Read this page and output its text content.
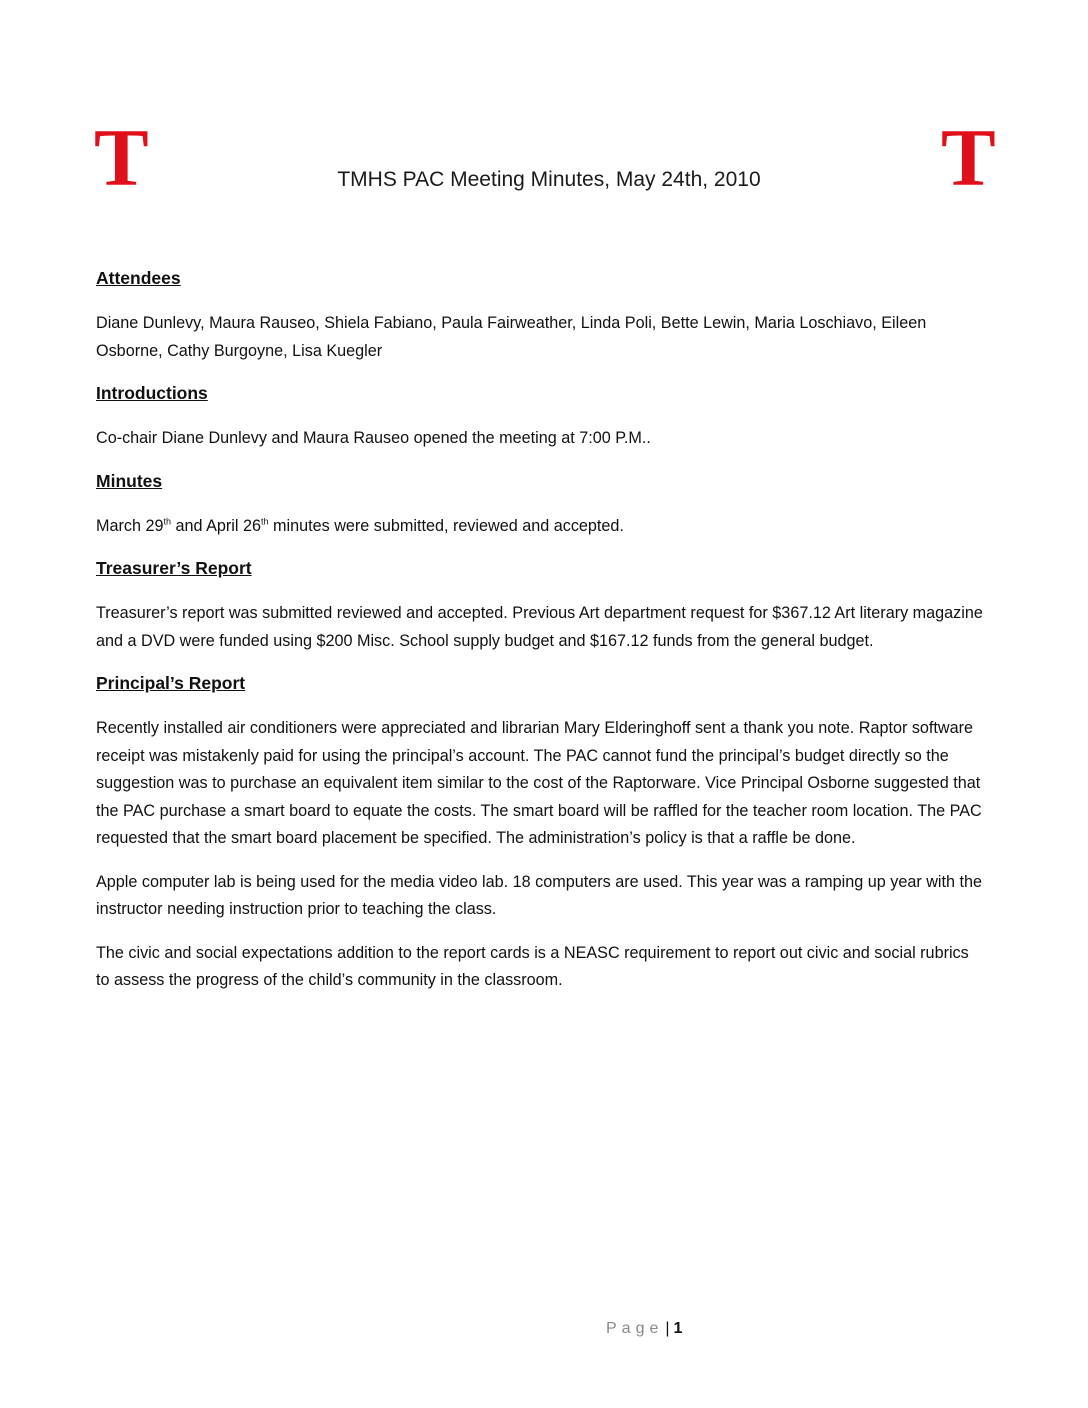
T	T
TMHS PAC Meeting Minutes, May 24th, 2010
Attendees
Diane Dunlevy, Maura Rauseo, Shiela Fabiano, Paula Fairweather, Linda Poli, Bette Lewin, Maria Loschiavo, Eileen Osborne, Cathy Burgoyne, Lisa Kuegler
Introductions
Co-chair Diane Dunlevy and Maura Rauseo opened the meeting at 7:00 P.M..
Minutes
March 29th and April 26th minutes were submitted, reviewed and accepted.
Treasurer’s Report
Treasurer’s report was submitted reviewed and accepted. Previous Art department request for $367.12 Art literary magazine and a DVD were funded using $200 Misc. School supply budget and $167.12 funds from the general budget.
Principal’s Report
Recently installed air conditioners were appreciated and librarian Mary Elderinghoff sent a thank you note. Raptor software receipt was mistakenly paid for using the principal’s account. The PAC cannot fund the principal’s budget directly so the suggestion was to purchase an equivalent item similar to the cost of the Raptorware. Vice Principal Osborne suggested that the PAC purchase a smart board to equate the costs. The smart board will be raffled for the teacher room location. The PAC requested that the smart board placement be specified. The administration’s policy is that a raffle be done.
Apple computer lab is being used for the media video lab. 18 computers are used. This year was a ramping up year with the instructor needing instruction prior to teaching the class.
The civic and social expectations addition to the report cards is a NEASC requirement to report out civic and social rubrics to assess the progress of the child’s community in the classroom.
Page | 1
